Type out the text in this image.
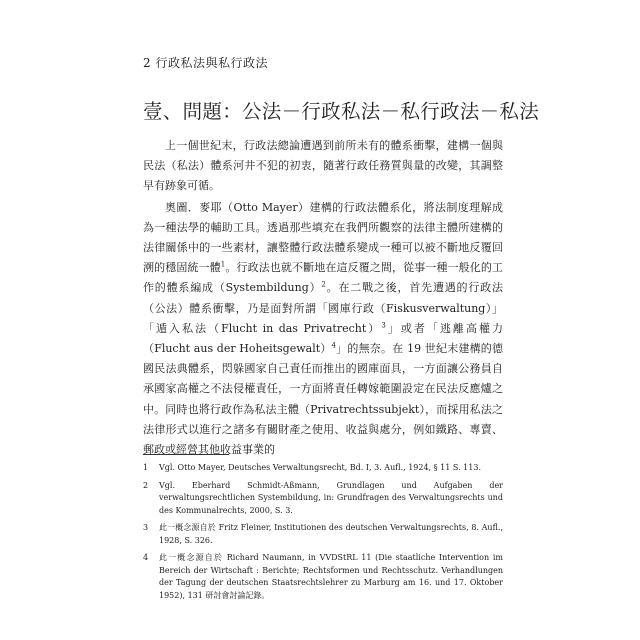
2 行政私法與私行政法
壹、問題：公法－行政私法－私行政法－私法

上一個世紀末，行政法總論遭遇到前所未有的體系衝擊，建構一個與民法（私法）體系河井不犯的初衷，隨著行政任務質與量的改變，其調整早有跡象可循。

奧圖．麥耶（Otto Mayer）建構的行政法體系化，將法制度理解成為一種法學的輔助工具。透過那些填充在我們所觀察的法律主體所建構的法律關係中的一些素材，讓整體行政法體系變成一種可以被不斷地反覆回溯的穩固統一體$^1$。行政法也就不斷地在這反覆之間，從事一種一般化的工作的體系編成（Systembildung）$^2$。在二戰之後，首先遭遇的行政法（公法）體系衝擊，乃是面對所謂「國庫行政（Fiskusverwaltung）」「遁入私法（Flucht in das Privatrecht）$^3$」或者「逃離高權力（Flucht aus der Hoheitsgewalt）$^4$」的無奈。在 19 世紀末建構的德國民法典體系，閃躲國家自己責任而推出的國庫面具，一方面讓公務員自承國家高權之不法侵權責任，一方面將責任轉嫁範圍設定在民法反應爐之中。同時也將行政作為私法主體（Privatrechtssubjekt），而採用私法之法律形式以進行之諸多有關財產之使用、收益與處分，例如鐵路、專賣、郵政或經營其他收益事業的

1	Vgl. Otto Mayer, Deutsches Verwaltungsrecht, Bd. I, 3. Aufl., 1924, § 11 S. 113.
2	Vgl. Eberhard Schmidt-Aßmann, Grundlagen und Aufgaben der verwaltungsrechtlichen Systembildung, in: Grundfragen des Verwaltungsrechts und des Kommunalrechts, 2000, S. 3.
3	此一概念源自於 Fritz Fleiner, Institutionen des deutschen Verwaltungsrechts, 8. Aufl., 1928, S. 326.
4	此一概念源自於 Richard Naumann, in VVDStRL 11 (Die staatliche Intervention im Bereich der Wirtschaft : Berichte; Rechtsformen und Rechtsschutz. Verhandlungen der Tagung der deutschen Staatsrechtslehrer zu Marburg am 16. und 17. Oktober 1952), 131 研討會討論記錄。
